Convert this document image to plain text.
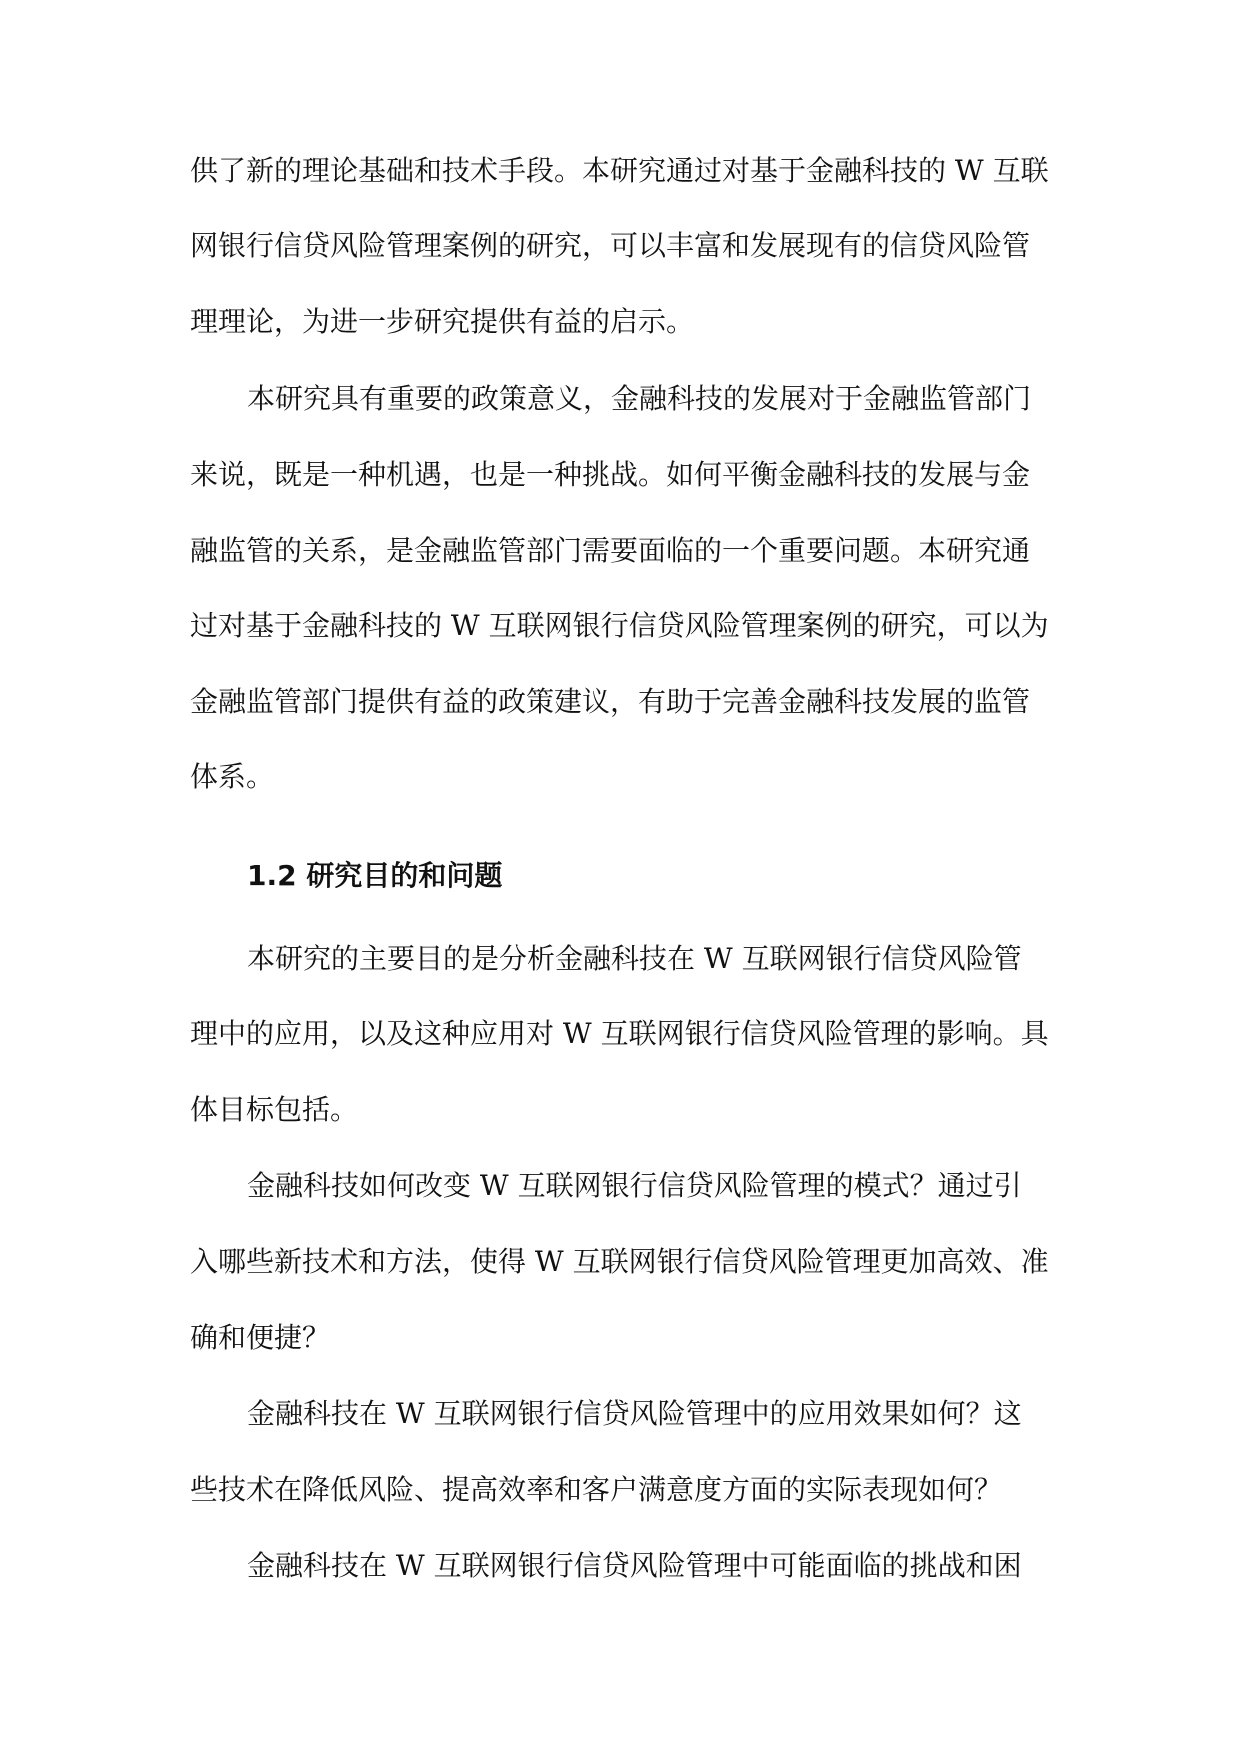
供了新的理论基础和技术手段。本研究通过对基于金融科技的 W 互联

网银行信贷风险管理案例的研究，可以丰富和发展现有的信贷风险管

理理论，为进一步研究提供有益的启示。

本研究具有重要的政策意义，金融科技的发展对于金融监管部门

来说，既是一种机遇，也是一种挑战。如何平衡金融科技的发展与金

融监管的关系，是金融监管部门需要面临的一个重要问题。本研究通

过对基于金融科技的 W 互联网银行信贷风险管理案例的研究，可以为

金融监管部门提供有益的政策建议，有助于完善金融科技发展的监管

体系。

1.2 研究目的和问题

本研究的主要目的是分析金融科技在 W 互联网银行信贷风险管

理中的应用，以及这种应用对 W 互联网银行信贷风险管理的影响。具

体目标包括。

金融科技如何改变 W 互联网银行信贷风险管理的模式？通过引

入哪些新技术和方法，使得 W 互联网银行信贷风险管理更加高效、准

确和便捷？

金融科技在 W 互联网银行信贷风险管理中的应用效果如何？这

些技术在降低风险、提高效率和客户满意度方面的实际表现如何？

金融科技在 W 互联网银行信贷风险管理中可能面临的挑战和困
